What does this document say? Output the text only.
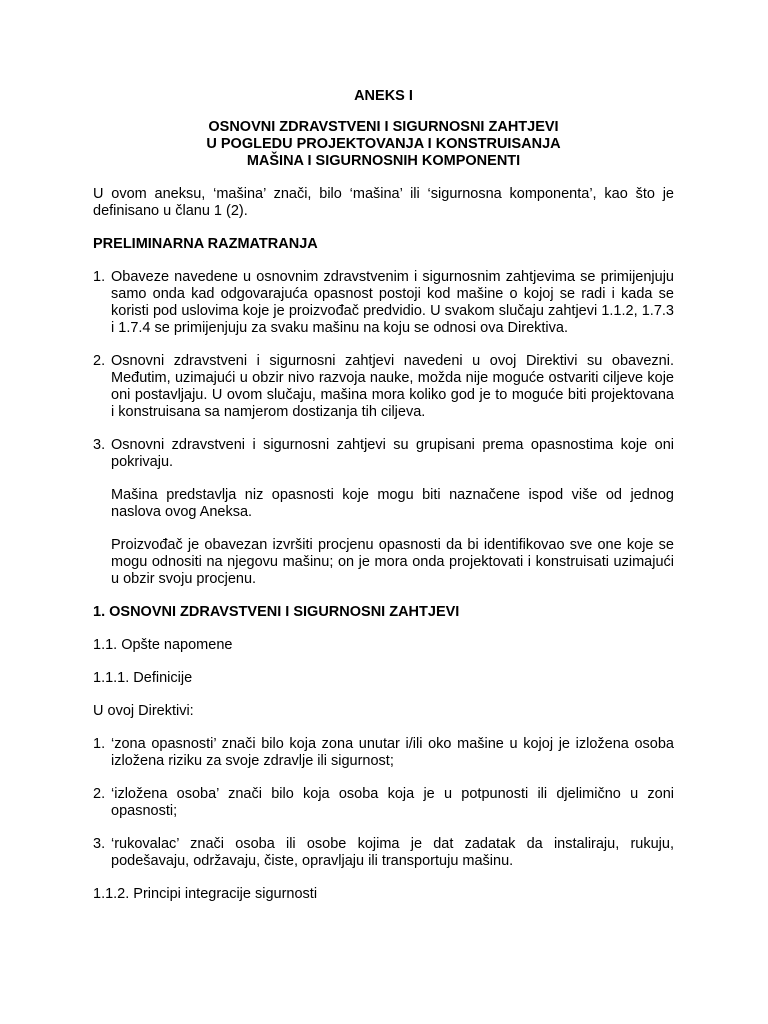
ANEKS I
OSNOVNI ZDRAVSTVENI I SIGURNOSNI ZAHTJEVI
U POGLEDU PROJEKTOVANJA I KONSTRUISANJA
MAŠINA I SIGURNOSNIH KOMPONENTI
U ovom aneksu, ‘mašina’ znači, bilo ‘mašina’ ili ‘sigurnosna komponenta’, kao što je definisano u članu 1 (2).
PRELIMINARNA RAZMATRANJA
1. Obaveze navedene u osnovnim zdravstvenim i sigurnosnim zahtjevima se primijenjuju samo onda kad odgovarajuća opasnost postoji kod mašine o kojoj se radi i kada se koristi pod uslovima koje je proizvođač predvidio. U svakom slučaju zahtjevi 1.1.2, 1.7.3 i 1.7.4 se primijenjuju za svaku mašinu na koju se odnosi ova Direktiva.

2. Osnovni zdravstveni i sigurnosni zahtjevi navedeni u ovoj Direktivi su obavezni. Međutim, uzimajući u obzir nivo razvoja nauke, možda nije moguće ostvariti ciljeve koje oni postavljaju. U ovom slučaju, mašina mora koliko god je to moguće biti projektovana i konstruisana sa namjerom dostizanja tih ciljeva.

3. Osnovni zdravstveni i sigurnosni zahtjevi su grupisani prema opasnostima koje oni pokrivaju.

Mašina predstavlja niz opasnosti koje mogu biti naznačene ispod više od jednog naslova ovog Aneksa.

Proizvođač je obavezan izvršiti procjenu opasnosti da bi identifikovao sve one koje se mogu odnositi na njegovu mašinu; on je mora onda projektovati i konstruisati uzimajući u obzir svoju procjenu.

1. OSNOVNI ZDRAVSTVENI I SIGURNOSNI ZAHTJEVI
1.1. Opšte napomene
1.1.1. Definicije
U ovoj Direktivi:
1. ‘zona opasnosti’ znači bilo koja zona unutar i/ili oko mašine u kojoj je izložena osoba izložena riziku za svoje zdravlje ili sigurnost;
2. ‘izložena osoba’ znači bilo koja osoba koja je u potpunosti ili djelimično u zoni opasnosti;
3. ‘rukovalac’ znači osoba ili osobe kojima je dat zadatak da instaliraju, rukuju, podešavaju, održavaju, čiste, opravljaju ili transportuju mašinu.
1.1.2. Principi integracije sigurnosti
